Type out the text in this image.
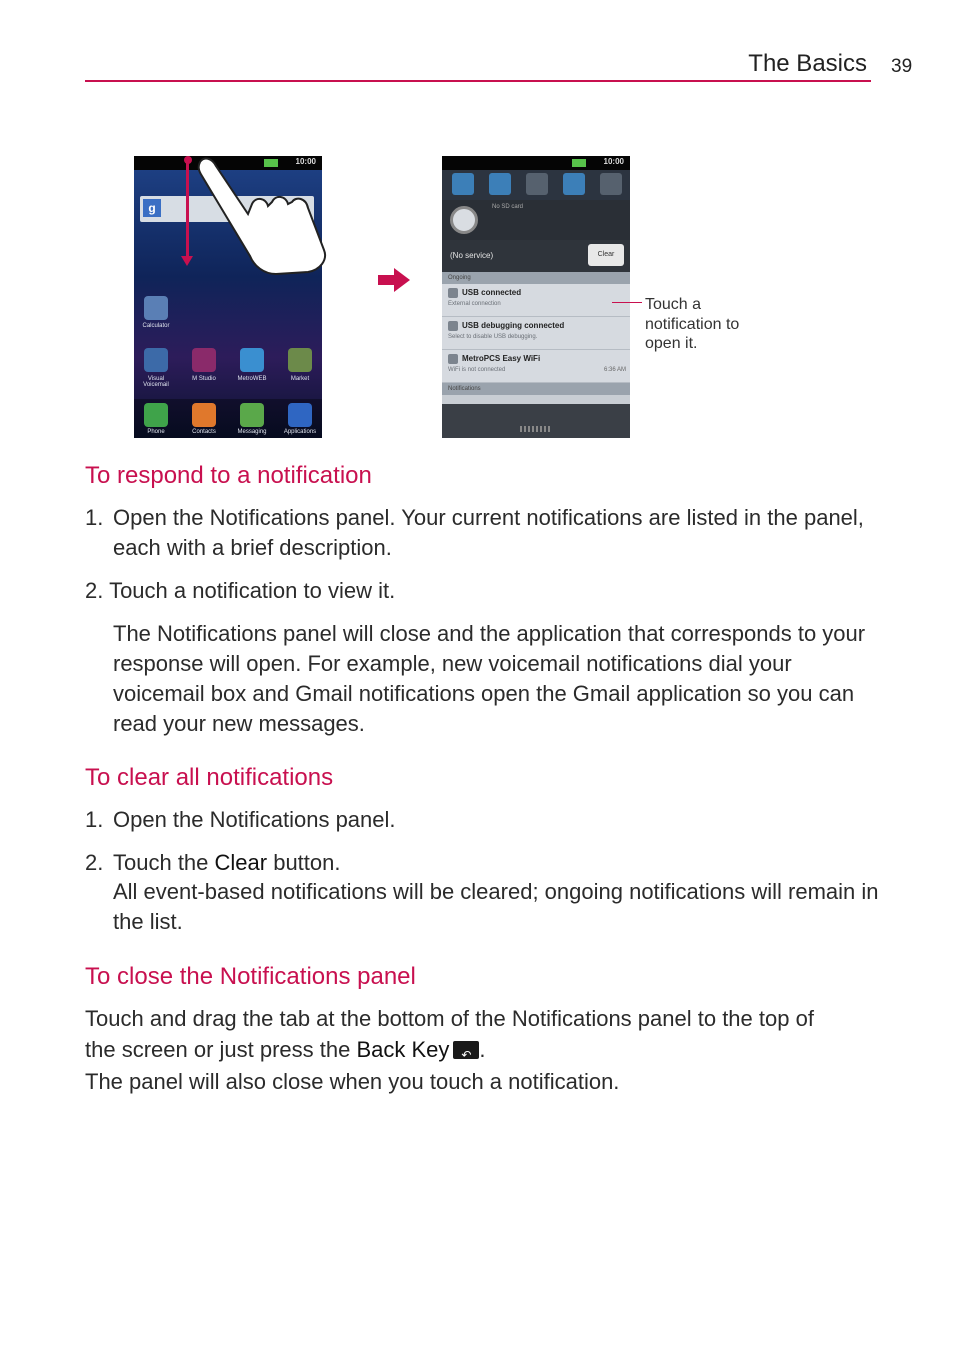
The Basics 39
10:00
g
Calculator
Visual Voicemail
M Studio	MetroWEB	Market
Phone	Contacts	Messaging	Applications
10:00
No SD card
(No service)	Clear
Ongoing
USB connected
External connection
USB debugging connected
Select to disable USB debugging.
MetroPCS Easy WiFi
WiFi is not connected	6:36 AM
Notifications
Touch a notification to open it.
To respond to a notification
1. Open the Notifications panel. Your current notifications are listed in the panel, each with a brief description.

2. Touch a notification to view it.

The Notifications panel will close and the application that corresponds to your response will open. For example, new voicemail notifications dial your voicemail box and Gmail notifications open the Gmail application so you can read your new messages.

To clear all notifications
1. Open the Notifications panel.

2. Touch the Clear button.

All event-based notifications will be cleared; ongoing notifications will remain in the list.

To close the Notifications panel

Touch and drag the tab at the bottom of the Notifications panel to the top of

the screen or just press the Back Key↶ .

The panel will also close when you touch a notification.
